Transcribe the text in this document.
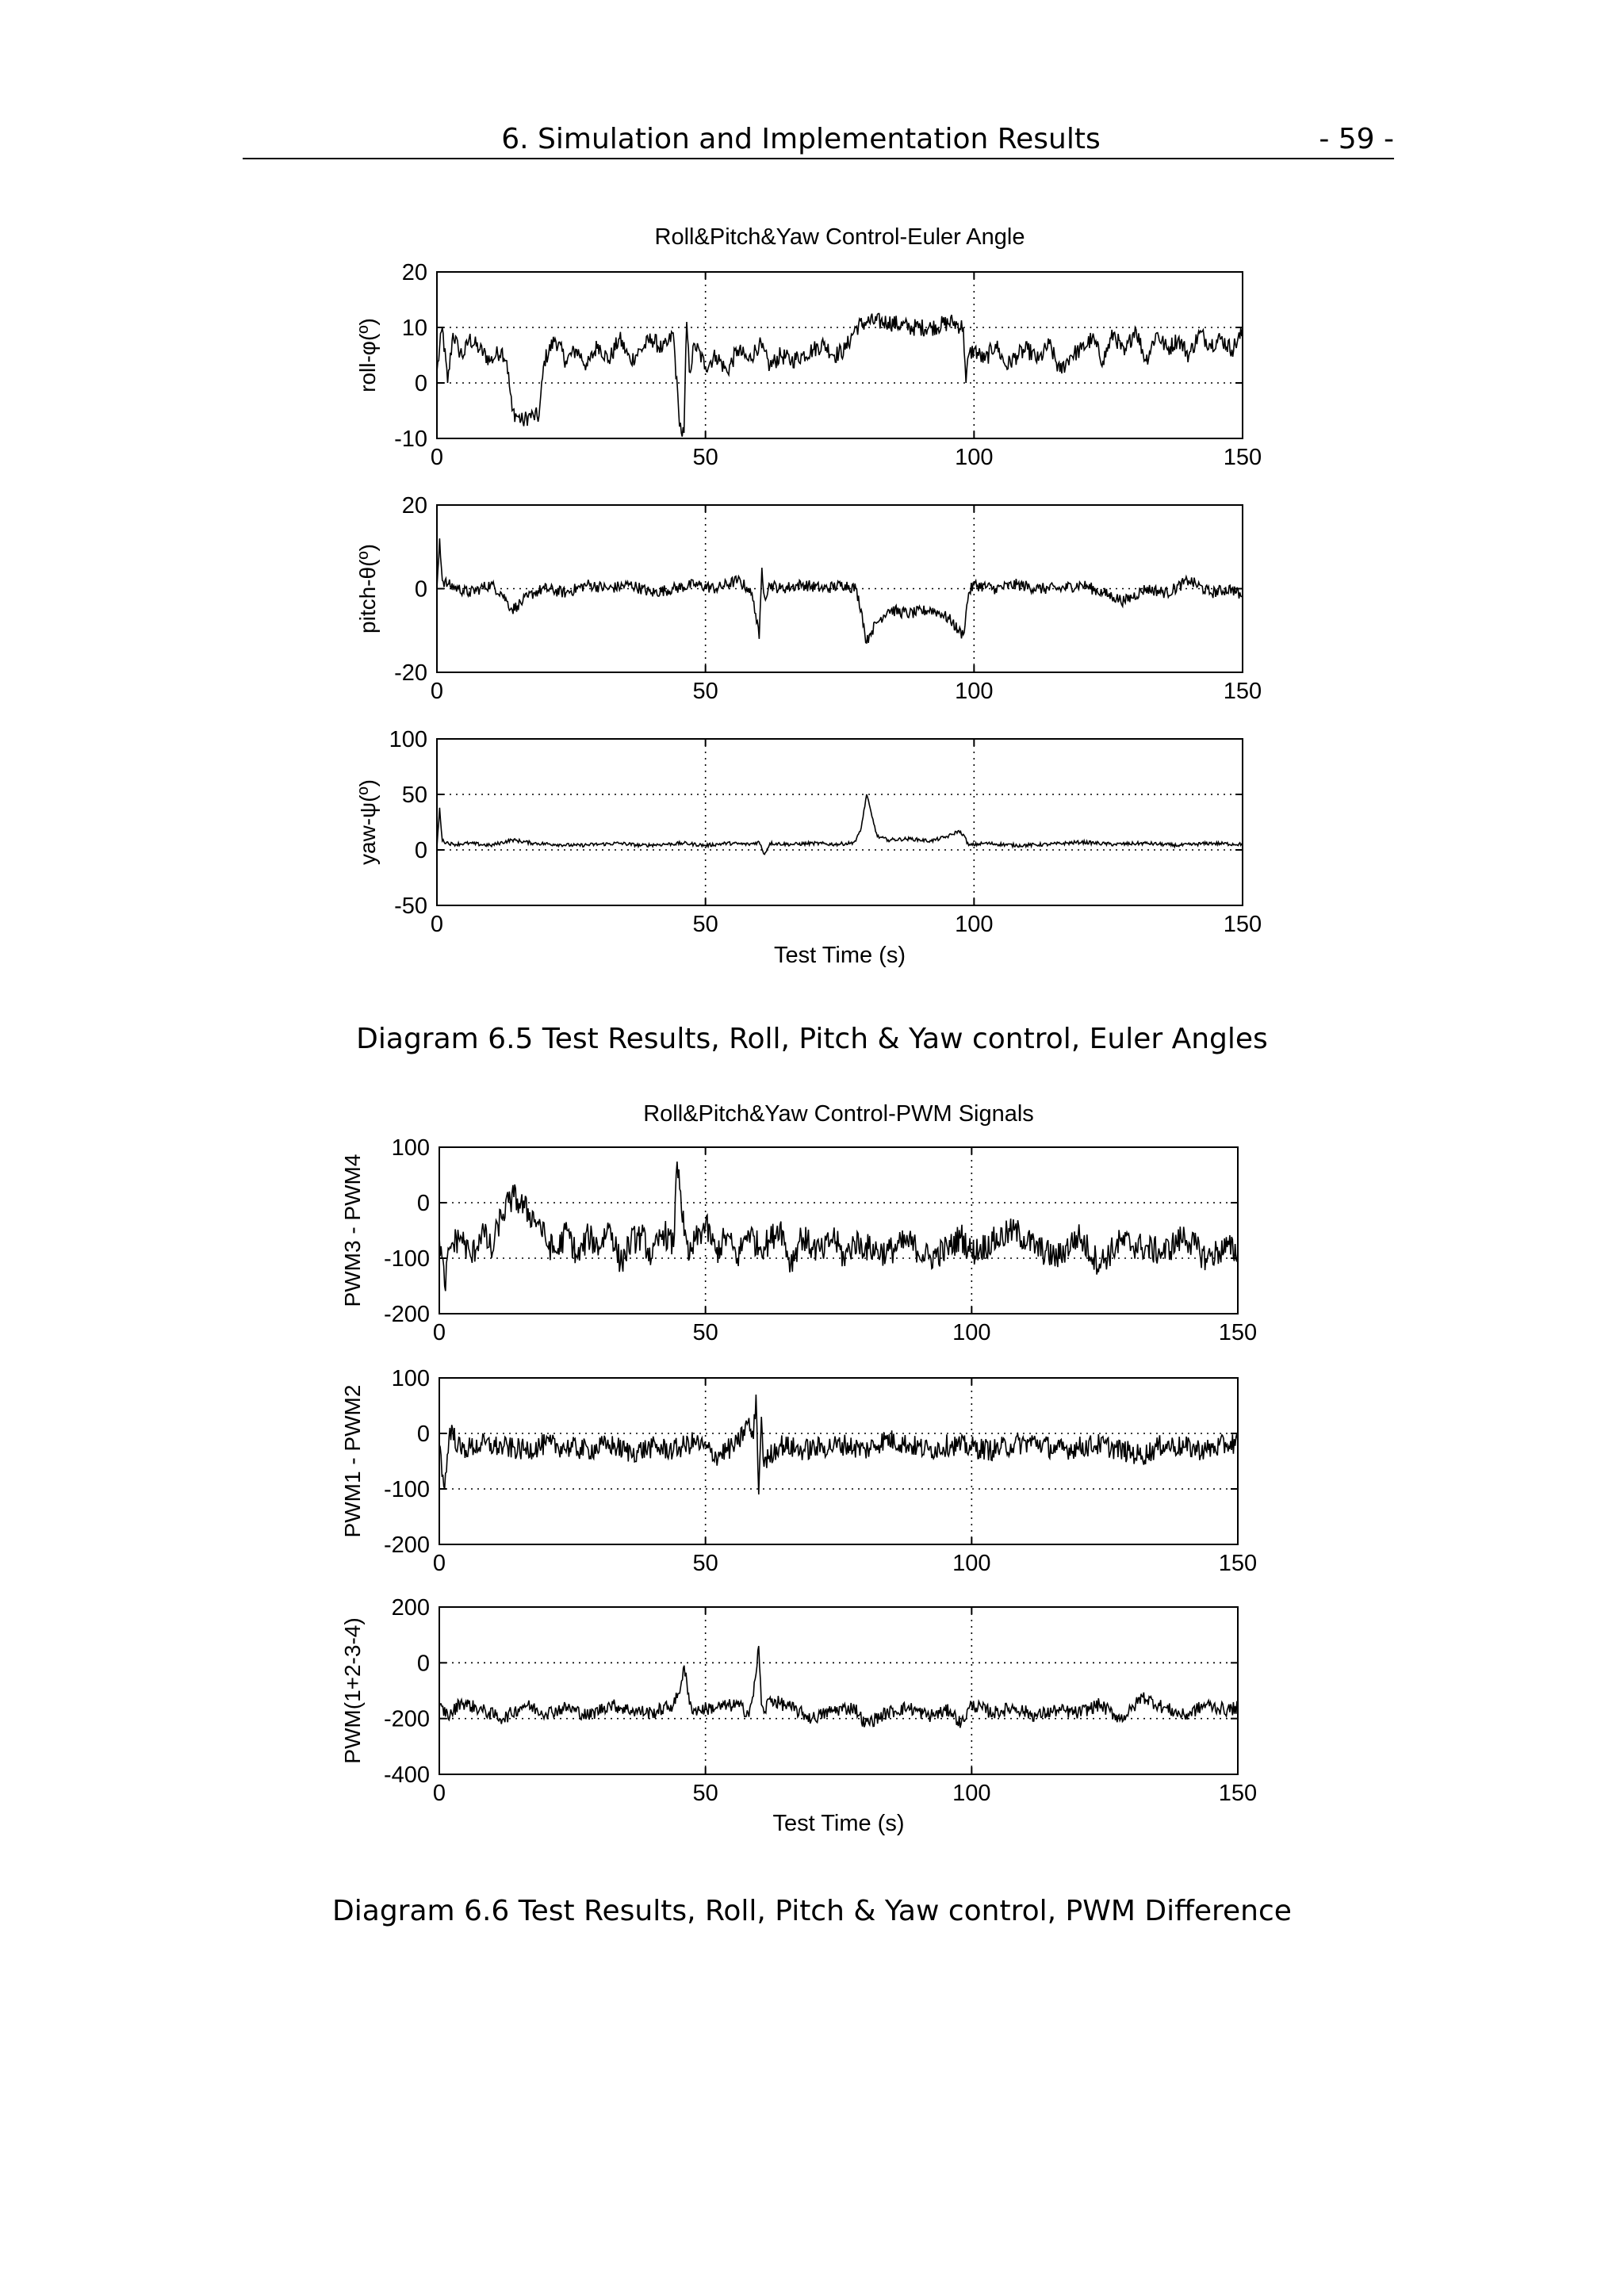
6. Simulation and Implementation Results	- 59 -
Roll&Pitch&Yaw Control-Euler Angle
Test Time (s)
0	50	100	150
-10
0
10
20
roll-φ(º)
0	50	100	150
-20
0
20
pitch-θ(º)
0	50	100	150
-50
0
50
100
yaw-ψ(º)
Roll&Pitch&Yaw Control-PWM Signals
Test Time (s)
0	50	100	150
-200
-100
0
100
PWM3 - PWM4
0	50	100	150
-200
-100
0
100
PWM1 - PWM2
0	50	100	150
-400
-200
0
200
PWM(1+2-3-4)
Diagram 6.5 Test Results, Roll, Pitch & Yaw control, Euler Angles
Diagram 6.6 Test Results, Roll, Pitch & Yaw control, PWM Difference
